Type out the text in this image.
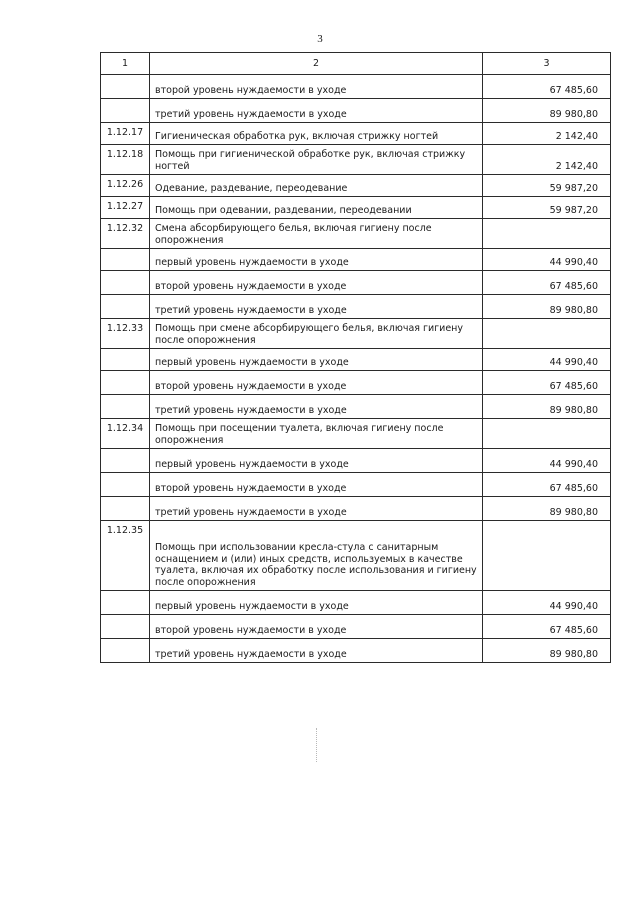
3
1	2	3
	второй уровень нуждаемости в уходе	67 485,60
	третий уровень нуждаемости в уходе	89 980,80
1.12.17	Гигиеническая обработка рук, включая стрижку ногтей	2 142,40
1.12.18	Помощь при гигиенической обработке рук, включая стрижку ногтей	2 142,40
1.12.26	Одевание, раздевание, переодевание	59 987,20
1.12.27	Помощь при одевании, раздевании, переодевании	59 987,20
1.12.32	Смена абсорбирующего белья, включая гигиену после опорожнения	
	первый уровень нуждаемости в уходе	44 990,40
	второй уровень нуждаемости в уходе	67 485,60
	третий уровень нуждаемости в уходе	89 980,80
1.12.33	Помощь при смене абсорбирующего белья, включая гигиену после опорожнения	
	первый уровень нуждаемости в уходе	44 990,40
	второй уровень нуждаемости в уходе	67 485,60
	третий уровень нуждаемости в уходе	89 980,80
1.12.34	Помощь при посещении туалета, включая гигиену после опорожнения	
	первый уровень нуждаемости в уходе	44 990,40
	второй уровень нуждаемости в уходе	67 485,60
	третий уровень нуждаемости в уходе	89 980,80
1.12.35	Помощь при использовании кресла-стула с санитарным оснащением и (или) иных средств, используемых в качестве туалета, включая их обработку после использования и гигиену после опорожнения	
	первый уровень нуждаемости в уходе	44 990,40
	второй уровень нуждаемости в уходе	67 485,60
	третий уровень нуждаемости в уходе	89 980,80
